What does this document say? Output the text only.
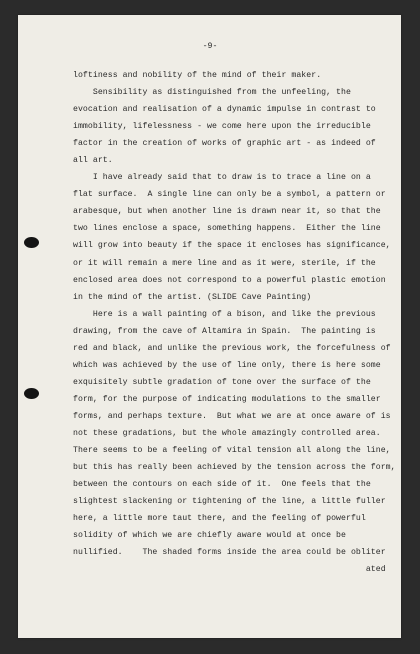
-9-
loftiness and nobility of the mind of their maker.
Sensibility as distinguished from the unfeeling, the
evocation and realisation of a dynamic impulse in contrast to
immobility, lifelessness - we come here upon the irreducible
factor in the creation of works of graphic art - as indeed of
all art.
I have already said that to draw is to trace a line on a
flat surface.  A single line can only be a symbol, a pattern or
arabesque, but when another line is drawn near it, so that the
two lines enclose a space, something happens.  Either the line
will grow into beauty if the space it encloses has significance,
or it will remain a mere line and as it were, sterile, if the
enclosed area does not correspond to a powerful plastic emotion
in the mind of the artist. (SLIDE Cave Painting)
Here is a wall painting of a bison, and like the previous
drawing, from the cave of Altamira in Spain.  The painting is
red and black, and unlike the previous work, the forcefulness of
which was achieved by the use of line only, there is here some
exquisitely subtle gradation of tone over the surface of the
form, for the purpose of indicating modulations to the smaller
forms, and perhaps texture.  But what we are at once aware of is
not these gradations, but the whole amazingly controlled area.
There seems to be a feeling of vital tension all along the line,
but this has really been achieved by the tension across the form,
between the contours on each side of it.  One feels that the
slightest slackening or tightening of the line, a little fuller
here, a little more taut there, and the feeling of powerful
solidity of which we are chiefly aware would at once be
nullified.    The shaded forms inside the area could be obliter
ated
